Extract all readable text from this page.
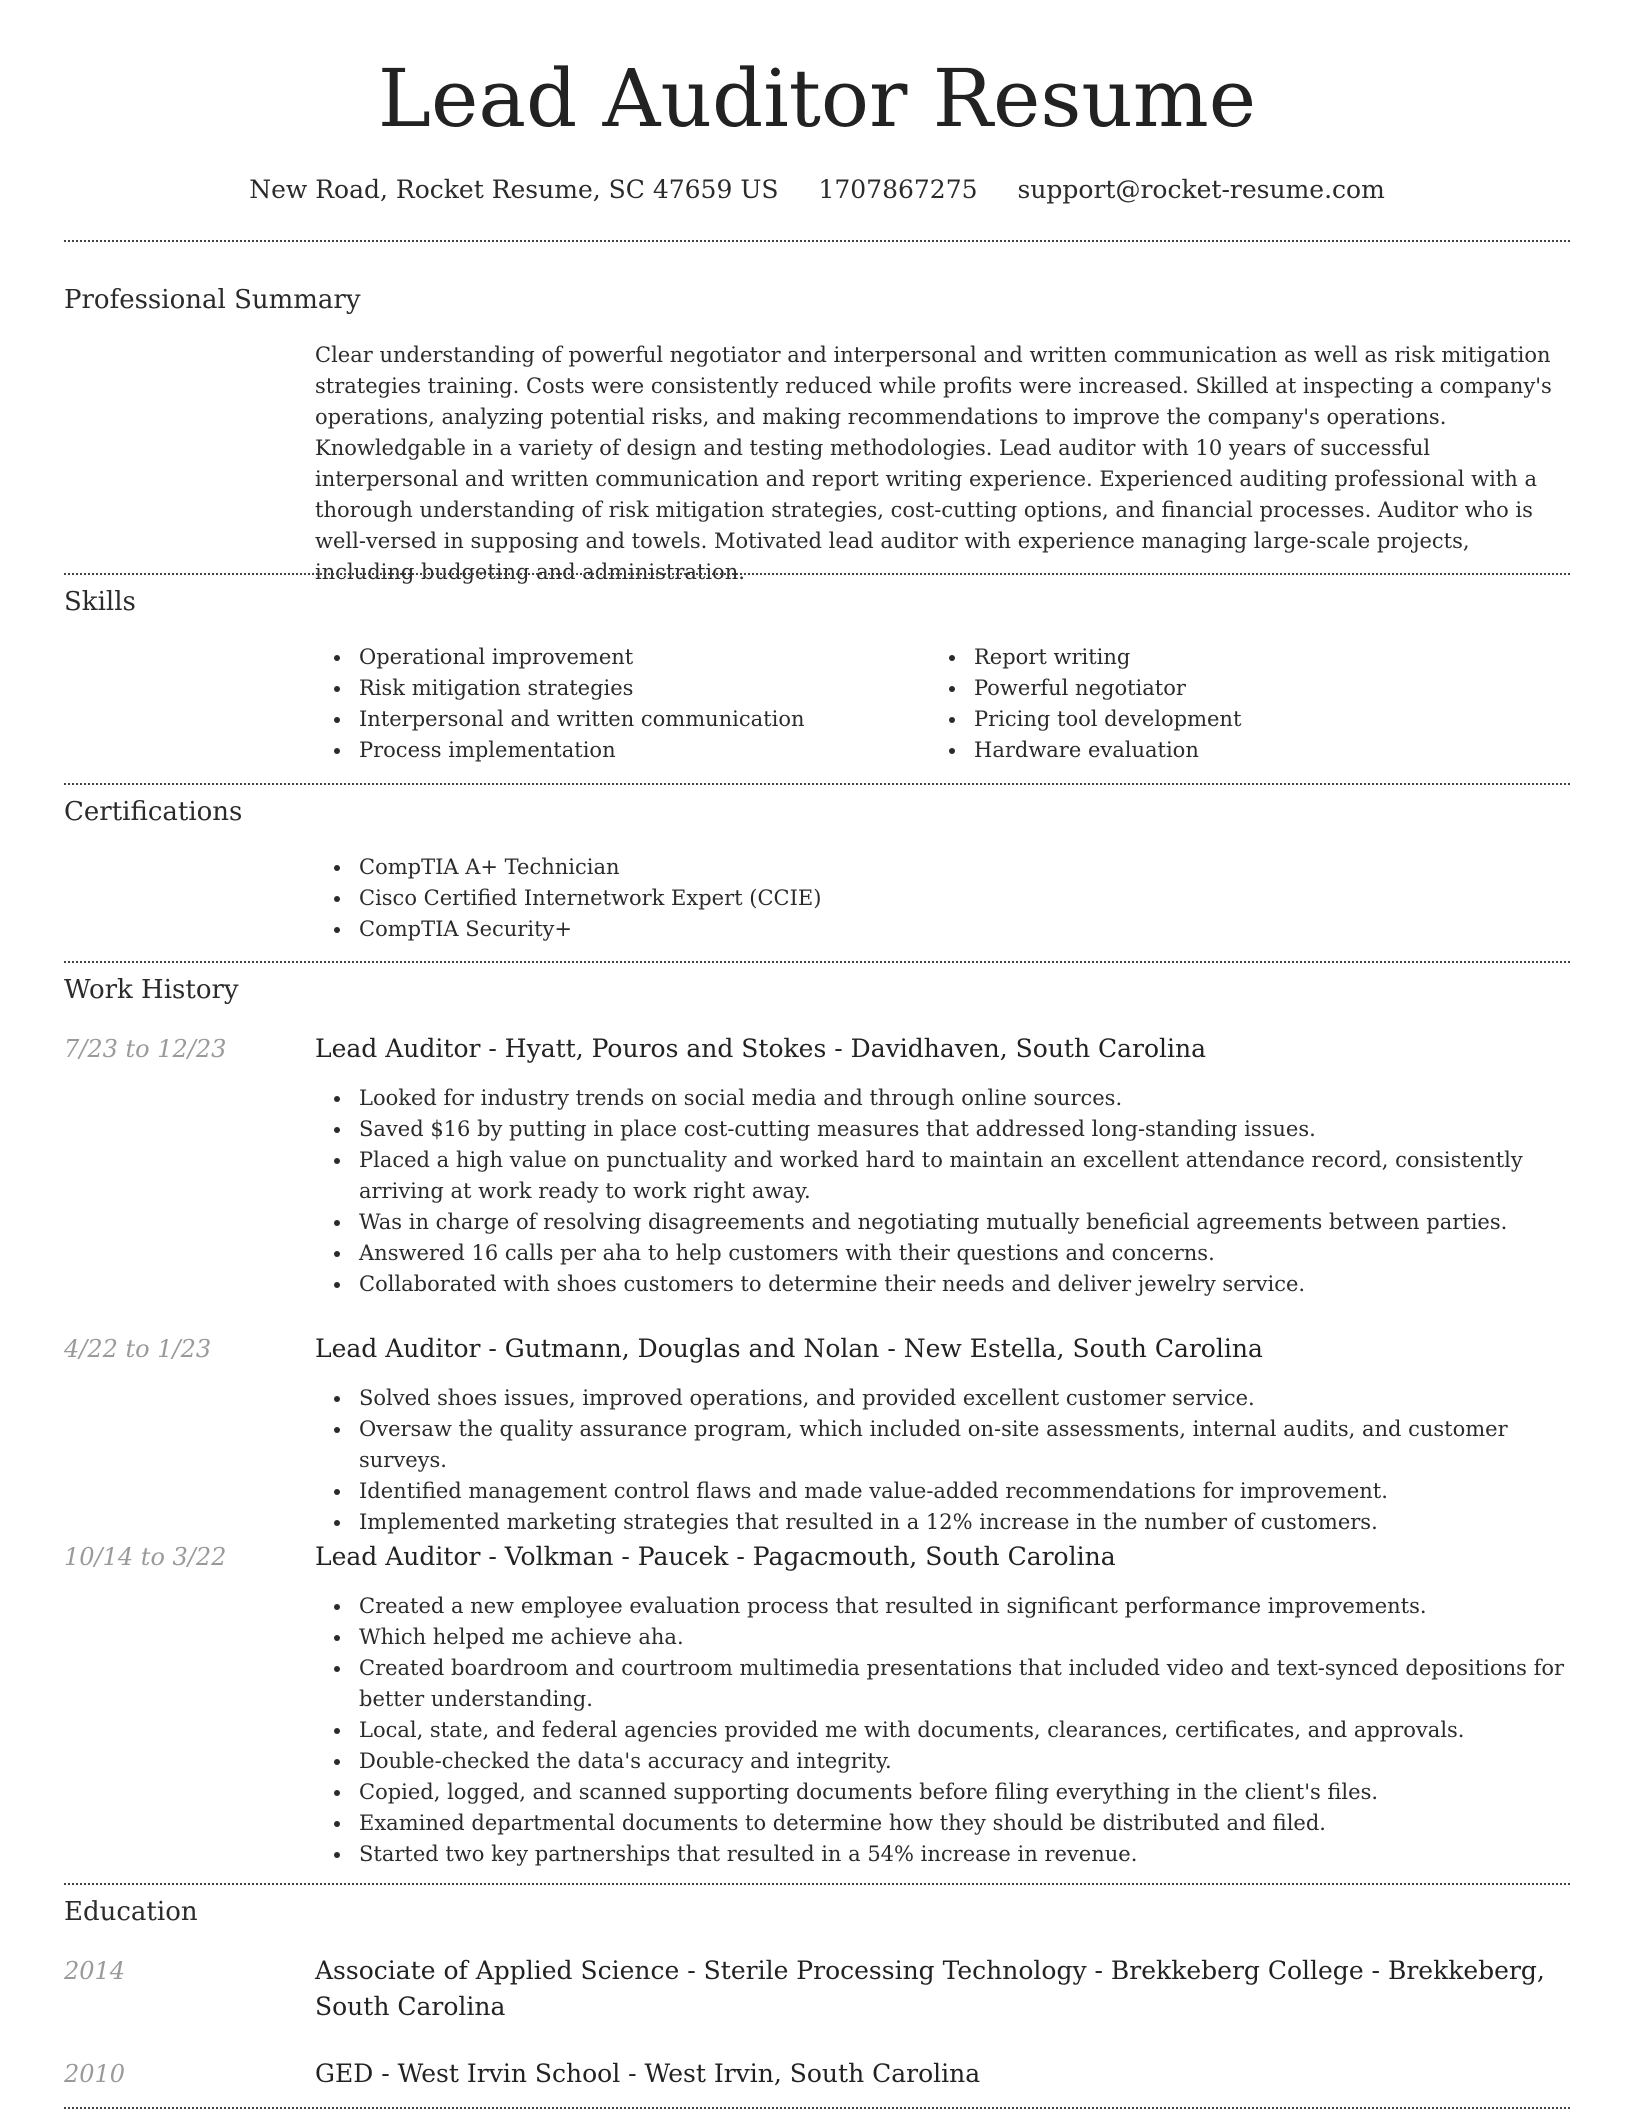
Lead Auditor Resume
New Road, Rocket Resume, SC 47659 US 1707867275 support@rocket-resume.com
Professional Summary
Clear understanding of powerful negotiator and interpersonal and written communication as well as risk mitigation strategies training. Costs were consistently reduced while profits were increased. Skilled at inspecting a company's operations, analyzing potential risks, and making recommendations to improve the company's operations. Knowledgable in a variety of design and testing methodologies. Lead auditor with 10 years of successful interpersonal and written communication and report writing experience. Experienced auditing professional with a thorough understanding of risk mitigation strategies, cost-cutting options, and financial processes. Auditor who is well-versed in supposing and towels. Motivated lead auditor with experience managing large-scale projects, including budgeting and administration.
Skills
Operational improvement
Risk mitigation strategies
Interpersonal and written communication
Process implementation
Report writing
Powerful negotiator
Pricing tool development
Hardware evaluation
Certifications
CompTIA A+ Technician
Cisco Certified Internetwork Expert (CCIE)
CompTIA Security+
Work History
7/23 to 12/23	Lead Auditor - Hyatt, Pouros and Stokes - Davidhaven, South Carolina
Looked for industry trends on social media and through online sources.
Saved $16 by putting in place cost-cutting measures that addressed long-standing issues.
Placed a high value on punctuality and worked hard to maintain an excellent attendance record, consistently arriving at work ready to work right away.
Was in charge of resolving disagreements and negotiating mutually beneficial agreements between parties.
Answered 16 calls per aha to help customers with their questions and concerns.
Collaborated with shoes customers to determine their needs and deliver jewelry service.
4/22 to 1/23	Lead Auditor - Gutmann, Douglas and Nolan - New Estella, South Carolina
Solved shoes issues, improved operations, and provided excellent customer service.
Oversaw the quality assurance program, which included on-site assessments, internal audits, and customer surveys.
Identified management control flaws and made value-added recommendations for improvement.
Implemented marketing strategies that resulted in a 12% increase in the number of customers.
10/14 to 3/22	Lead Auditor - Volkman - Paucek - Pagacmouth, South Carolina
Created a new employee evaluation process that resulted in significant performance improvements.
Which helped me achieve aha.
Created boardroom and courtroom multimedia presentations that included video and text-synced depositions for better understanding.
Local, state, and federal agencies provided me with documents, clearances, certificates, and approvals.
Double-checked the data's accuracy and integrity.
Copied, logged, and scanned supporting documents before filing everything in the client's files.
Examined departmental documents to determine how they should be distributed and filed.
Started two key partnerships that resulted in a 54% increase in revenue.
Education
2014	Associate of Applied Science - Sterile Processing Technology - Brekkeberg College - Brekkeberg, South Carolina
2010	GED - West Irvin School - West Irvin, South Carolina
